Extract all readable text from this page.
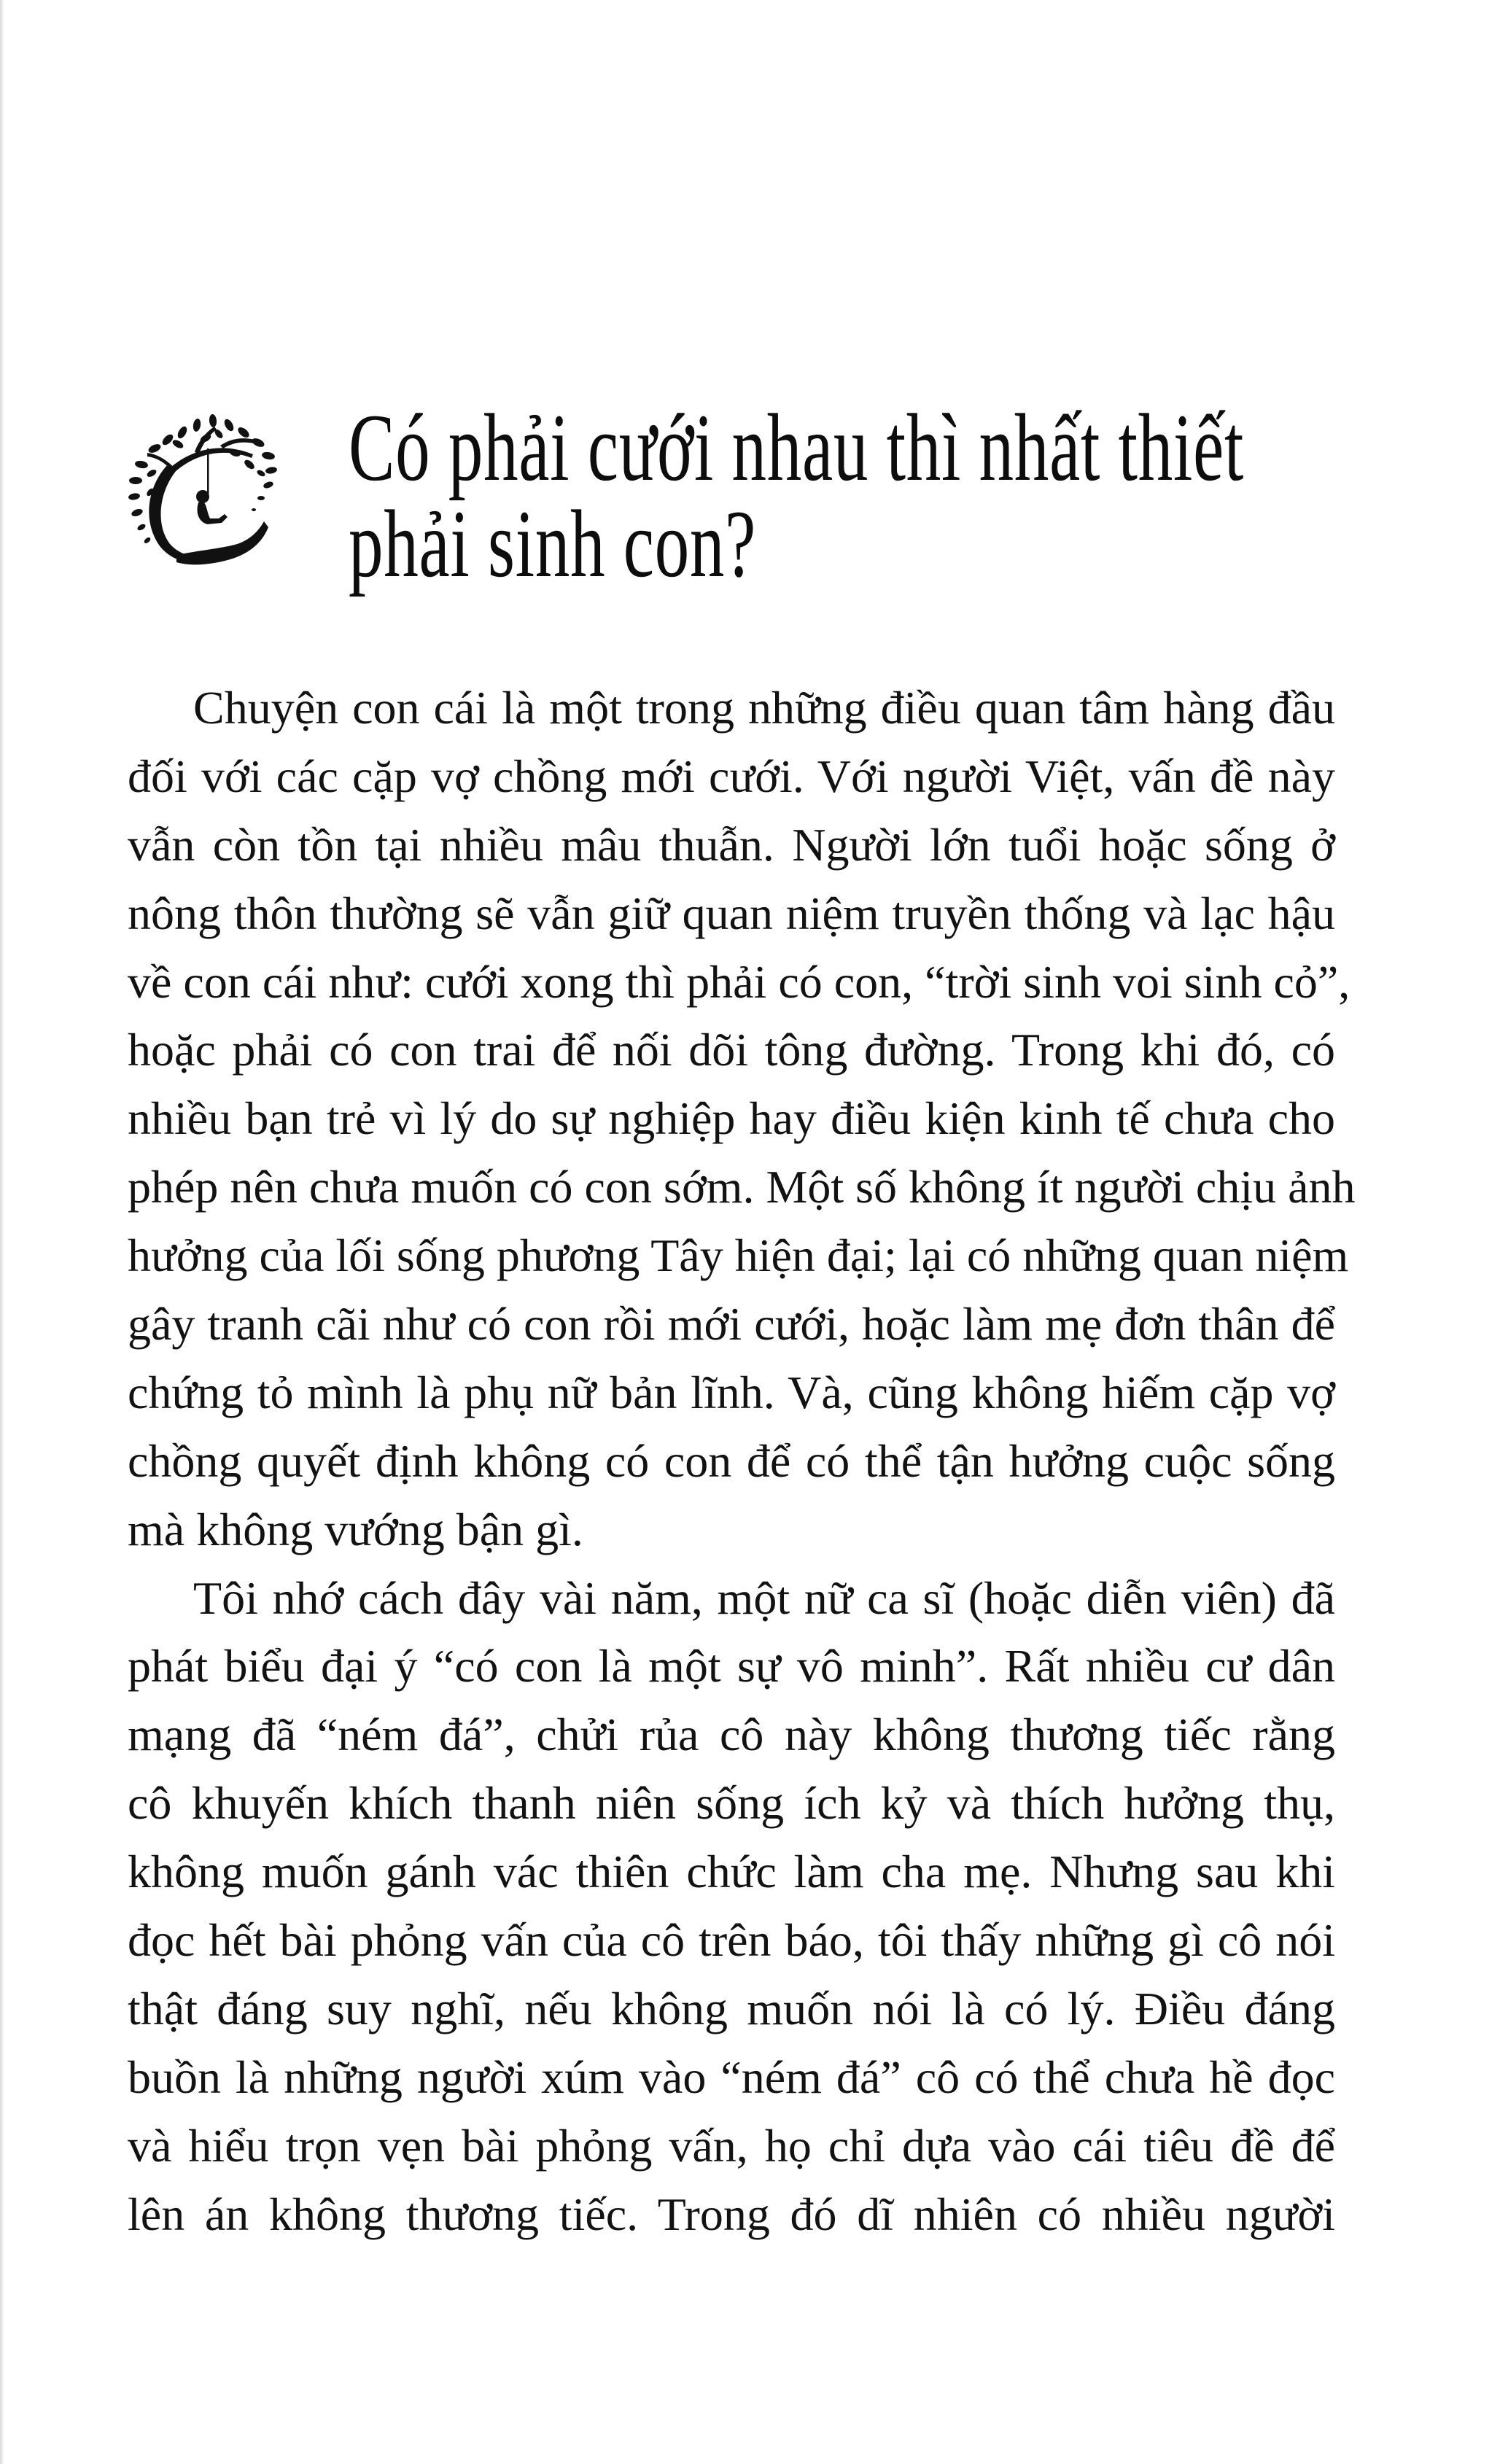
Có phải cưới nhau thì nhất thiết
phải sinh con?
Chuyện con cái là một trong những điều quan tâm hàng đầu
đối với các cặp vợ chồng mới cưới. Với người Việt, vấn đề này
vẫn còn tồn tại nhiều mâu thuẫn. Người lớn tuổi hoặc sống ở
nông thôn thường sẽ vẫn giữ quan niệm truyền thống và lạc hậu
về con cái như: cưới xong thì phải có con, “trời sinh voi sinh cỏ”,
hoặc phải có con trai để nối dõi tông đường. Trong khi đó, có
nhiều bạn trẻ vì lý do sự nghiệp hay điều kiện kinh tế chưa cho
phép nên chưa muốn có con sớm. Một số không ít người chịu ảnh
hưởng của lối sống phương Tây hiện đại; lại có những quan niệm
gây tranh cãi như có con rồi mới cưới, hoặc làm mẹ đơn thân để
chứng tỏ mình là phụ nữ bản lĩnh. Và, cũng không hiếm cặp vợ
chồng quyết định không có con để có thể tận hưởng cuộc sống
mà không vướng bận gì.
Tôi nhớ cách đây vài năm, một nữ ca sĩ (hoặc diễn viên) đã
phát biểu đại ý “có con là một sự vô minh”. Rất nhiều cư dân
mạng đã “ném đá”, chửi rủa cô này không thương tiếc rằng
cô khuyến khích thanh niên sống ích kỷ và thích hưởng thụ,
không muốn gánh vác thiên chức làm cha mẹ. Nhưng sau khi
đọc hết bài phỏng vấn của cô trên báo, tôi thấy những gì cô nói
thật đáng suy nghĩ, nếu không muốn nói là có lý. Điều đáng
buồn là những người xúm vào “ném đá” cô có thể chưa hề đọc
và hiểu trọn vẹn bài phỏng vấn, họ chỉ dựa vào cái tiêu đề để
lên án không thương tiếc. Trong đó dĩ nhiên có nhiều người
